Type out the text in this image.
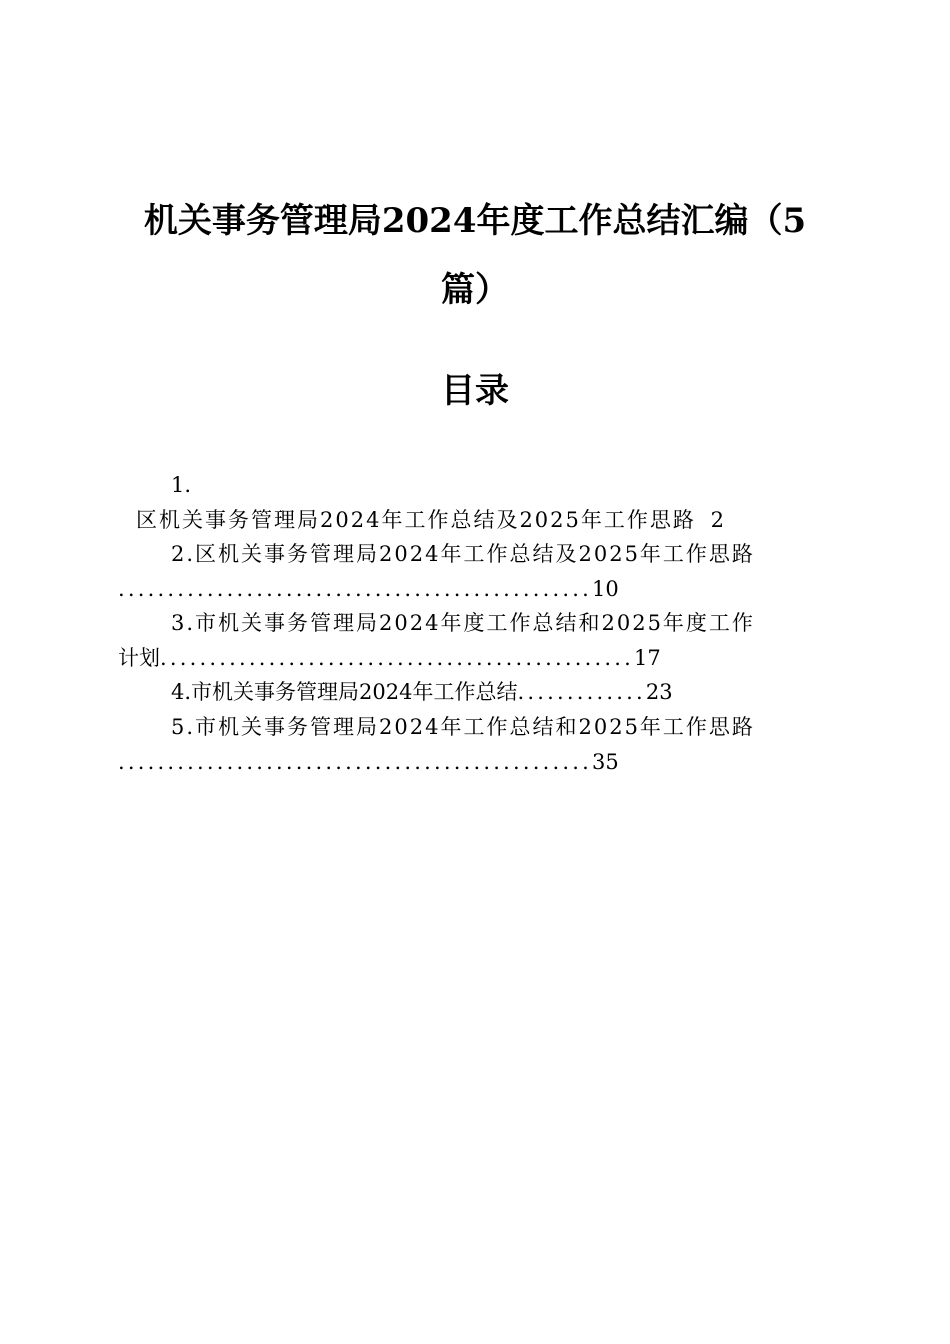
机关事务管理局2024年度工作总结汇编（5
篇）
目录
1.
区机关事务管理局2024年工作总结及2025年工作思路 2
2.区机关事务管理局2024年工作总结及2025年工作思路
................................................10
3.市机关事务管理局2024年度工作总结和2025年度工作
计划................................................17
4.市机关事务管理局2024年工作总结.............23
5.市机关事务管理局2024年工作总结和2025年工作思路
................................................35
